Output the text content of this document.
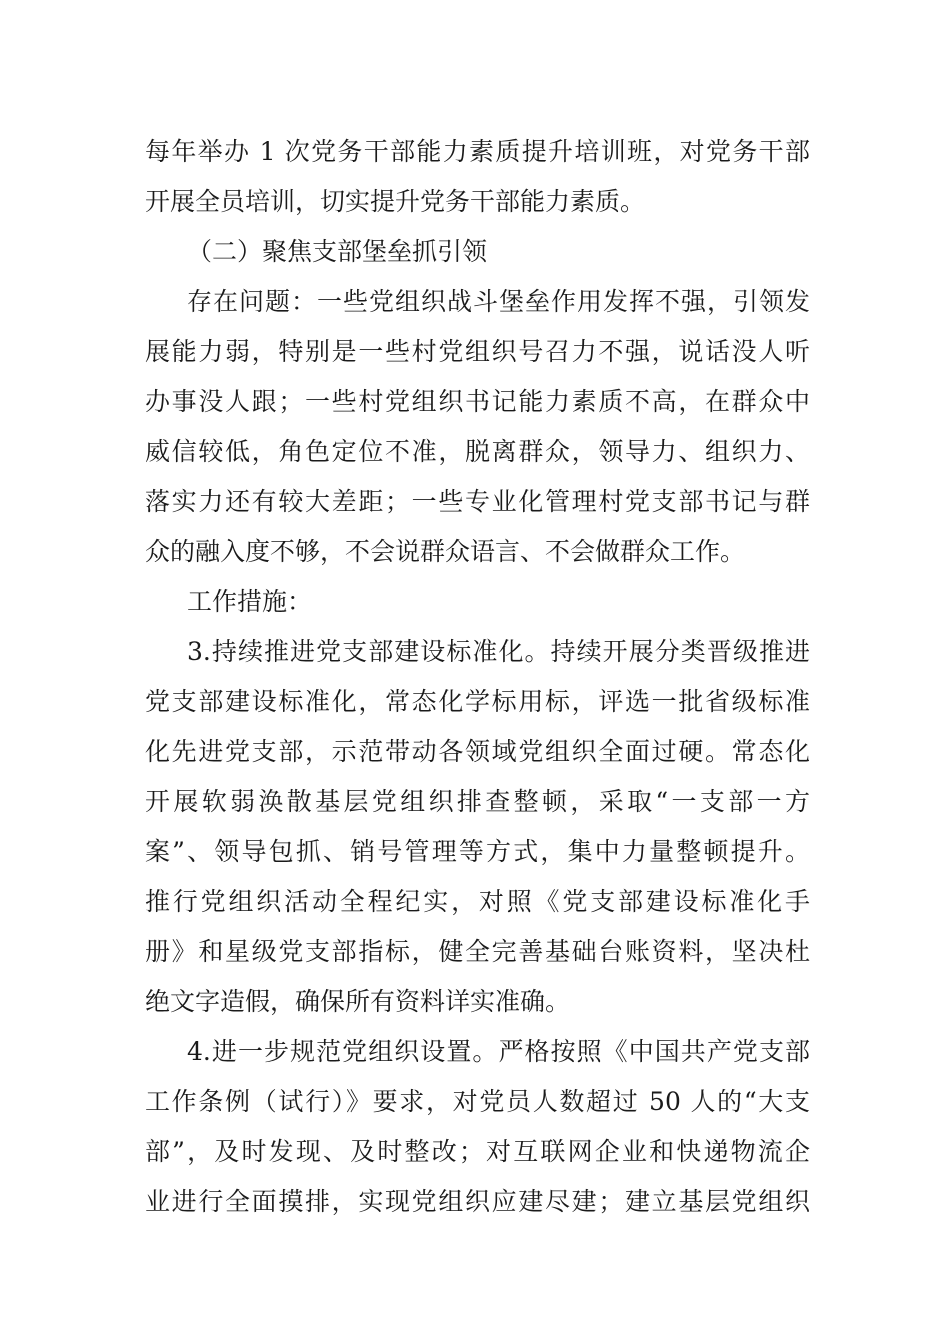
每年举办 1 次党务干部能力素质提升培训班，对党务干部
开展全员培训，切实提升党务干部能力素质。
（二）聚焦支部堡垒抓引领
存在问题：一些党组织战斗堡垒作用发挥不强，引领发
展能力弱，特别是一些村党组织号召力不强，说话没人听
办事没人跟；一些村党组织书记能力素质不高，在群众中
威信较低，角色定位不准，脱离群众，领导力、组织力、
落实力还有较大差距；一些专业化管理村党支部书记与群
众的融入度不够，不会说群众语言、不会做群众工作。
工作措施：
3.持续推进党支部建设标准化。持续开展分类晋级推进
党支部建设标准化，常态化学标用标，评选一批省级标准
化先进党支部，示范带动各领域党组织全面过硬。常态化
开展软弱涣散基层党组织排查整顿，采取“一支部一方
案”、领导包抓、销号管理等方式，集中力量整顿提升。
推行党组织活动全程纪实，对照《党支部建设标准化手
册》和星级党支部指标，健全完善基础台账资料，坚决杜
绝文字造假，确保所有资料详实准确。
4.进一步规范党组织设置。严格按照《中国共产党支部
工作条例（试行）》要求，对党员人数超过 50 人的“大支
部”，及时发现、及时整改；对互联网企业和快递物流企
业进行全面摸排，实现党组织应建尽建；建立基层党组织
